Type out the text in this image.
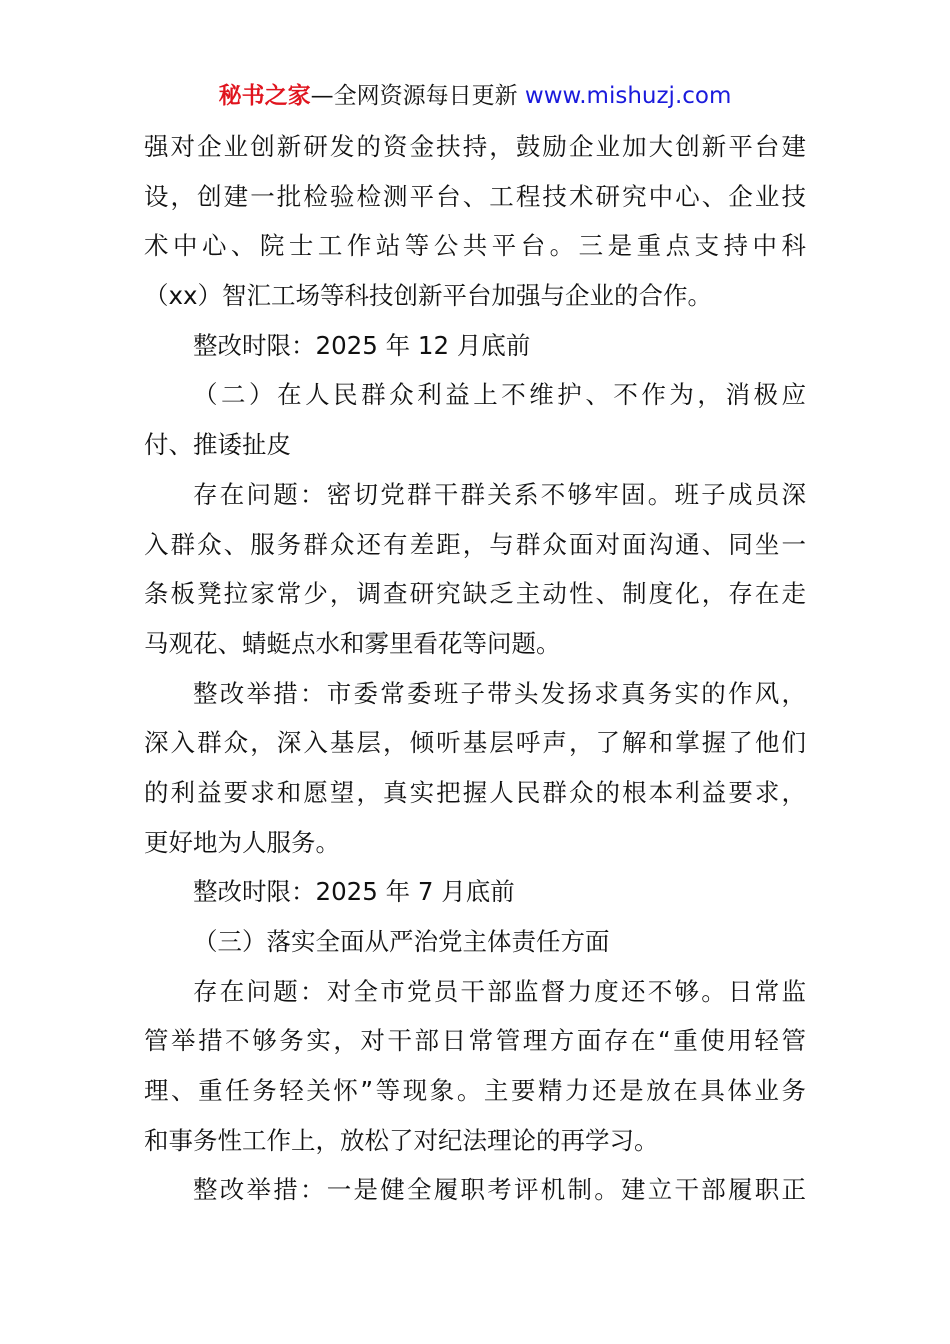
秘书之家—全网资源每日更新 www.mishuzj.com
强对企业创新研发的资金扶持，鼓励企业加大创新平台建
设，创建一批检验检测平台、工程技术研究中心、企业技
术中心、院士工作站等公共平台。三是重点支持中科
（xx）智汇工场等科技创新平台加强与企业的合作。
整改时限：2025 年 12 月底前
（二）在人民群众利益上不维护、不作为，消极应
付、推诿扯皮
存在问题：密切党群干群关系不够牢固。班子成员深
入群众、服务群众还有差距，与群众面对面沟通、同坐一
条板凳拉家常少，调查研究缺乏主动性、制度化，存在走
马观花、蜻蜓点水和雾里看花等问题。
整改举措：市委常委班子带头发扬求真务实的作风，
深入群众，深入基层，倾听基层呼声，了解和掌握了他们
的利益要求和愿望，真实把握人民群众的根本利益要求，
更好地为人服务。
整改时限：2025 年 7 月底前
（三）落实全面从严治党主体责任方面
存在问题：对全市党员干部监督力度还不够。日常监
管举措不够务实，对干部日常管理方面存在“重使用轻管
理、重任务轻关怀”等现象。主要精力还是放在具体业务
和事务性工作上，放松了对纪法理论的再学习。
整改举措：一是健全履职考评机制。建立干部履职正
